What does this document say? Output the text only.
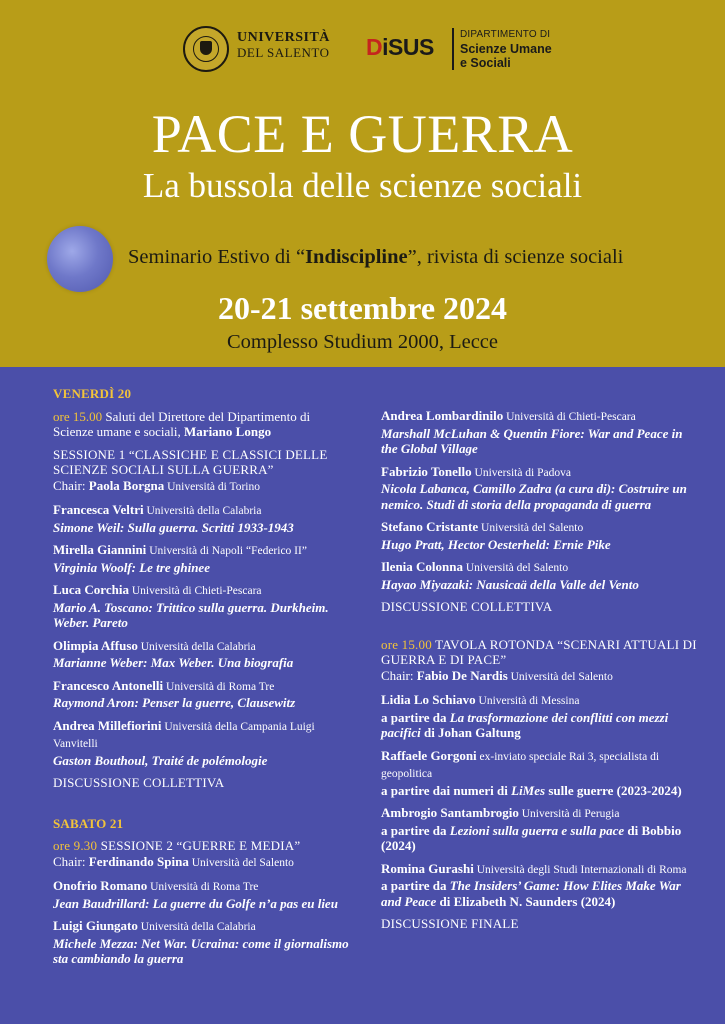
UNIVERSITÀ
DEL SALENTO DiSUS	DIPARTIMENTO DI
Scienze Umane
e Sociali
PACE E GUERRA
La bussola delle scienze sociali
Seminario Estivo di “Indiscipline”, rivista di scienze sociali
20-21 settembre 2024
Complesso Studium 2000, Lecce
VENERDÌ 20
ore 15.00 Saluti del Direttore del Dipartimento di Scienze umane e sociali, Mariano Longo
SESSIONE 1 “CLASSICHE E CLASSICI DELLE SCIENZE SOCIALI SULLA GUERRA”
Chair: Paola Borgna Università di Torino
Francesca Veltri Università della Calabria
Simone Weil: Sulla guerra. Scritti 1933-1943
Mirella Giannini Università di Napoli “Federico II”
Virginia Woolf: Le tre ghinee
Luca Corchia Università di Chieti-Pescara
Mario A. Toscano: Trittico sulla guerra. Durkheim. Weber. Pareto
Olimpia Affuso Università della Calabria
Marianne Weber: Max Weber. Una biografia
Francesco Antonelli Università di Roma Tre
Raymond Aron: Penser la guerre, Clausewitz
Andrea Millefiorini Università della Campania Luigi Vanvitelli
Gaston Bouthoul, Traité de polémologie
DISCUSSIONE COLLETTIVA
SABATO 21
ore 9.30 SESSIONE 2 “GUERRE E MEDIA”
Chair: Ferdinando Spina Università del Salento
Onofrio Romano Università di Roma Tre
Jean Baudrillard: La guerre du Golfe n’a pas eu lieu
Luigi Giungato Università della Calabria
Michele Mezza: Net War. Ucraina: come il giornalismo sta cambiando la guerra
Andrea Lombardinilo Università di Chieti-Pescara
Marshall McLuhan & Quentin Fiore: War and Peace in the Global Village
Fabrizio Tonello Università di Padova
Nicola Labanca, Camillo Zadra (a cura di): Costruire un nemico. Studi di storia della propaganda di guerra
Stefano Cristante Università del Salento
Hugo Pratt, Hector Oesterheld: Ernie Pike
Ilenia Colonna Università del Salento
Hayao Miyazaki: Nausicaä della Valle del Vento
DISCUSSIONE COLLETTIVA
ore 15.00 TAVOLA ROTONDA “SCENARI ATTUALI DI GUERRA E DI PACE”
Chair: Fabio De Nardis Università del Salento
Lidia Lo Schiavo Università di Messina
a partire da La trasformazione dei conflitti con mezzi pacifici di Johan Galtung
Raffaele Gorgoni ex-inviato speciale Rai 3, specialista di geopolitica
a partire dai numeri di LiMes sulle guerre (2023-2024)
Ambrogio Santambrogio Università di Perugia
a partire da Lezioni sulla guerra e sulla pace di Bobbio (2024)
Romina Gurashi Università degli Studi Internazionali di Roma
a partire da The Insiders’ Game: How Elites Make War and Peace di Elizabeth N. Saunders (2024)
DISCUSSIONE FINALE
